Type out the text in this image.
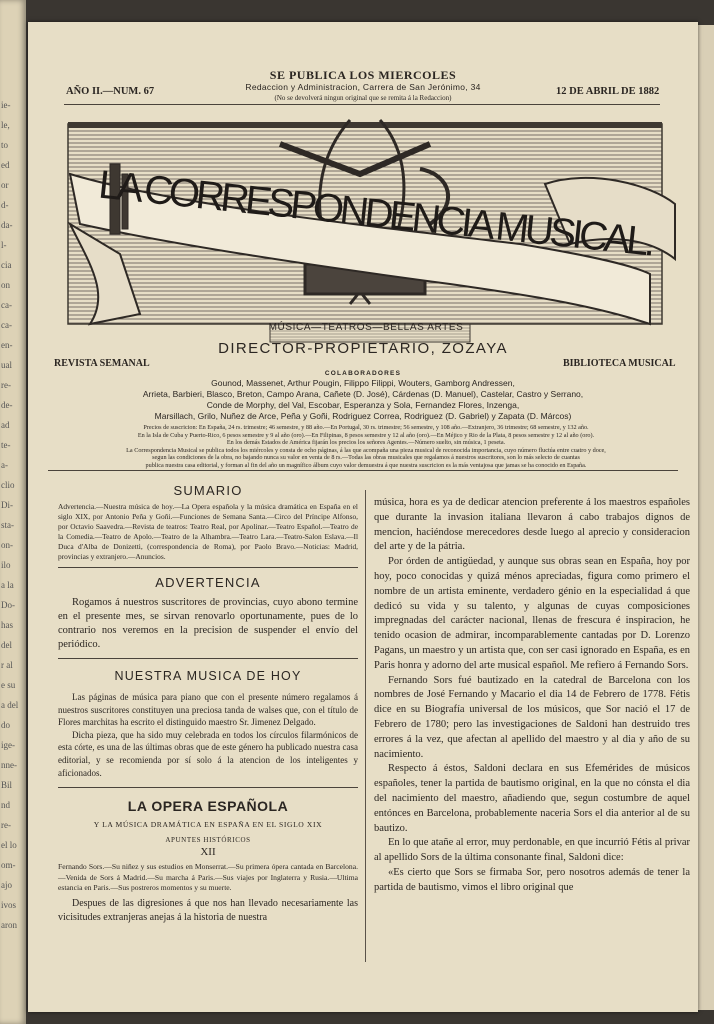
ie-
le,
to
ed
or
d-
da-
l-
cia
on
ca-
ca-
en-
ual
re-
de-
ad
te-
a-
clio
Di-
sta-
on-
ilo
a la
Do-
has
del
r al
e su
a del
do
ige-
nne-
Bil
nd
re-
el lo
om-
ajo
ivos
aron
SE PUBLICA LOS MIERCOLES
Redaccion y Administracion, Carrera de San Jerónimo, 34
(No se devolverá ningun original que se remita á la Redaccion)
AÑO II.—NUM. 67	12 DE ABRIL DE 1882
LA CORRESPONDENCIA MUSICAL.
MÚSICA—TEATROS—BELLAS ARTES
DIRECTOR-PROPIETARIO, ZOZAYA
REVISTA SEMANAL	BIBLIOTECA MUSICAL
COLABORADORES
Gounod, Massenet, Arthur Pougin, Filippo Filippi, Wouters, Gamborg Andressen,
Arrieta, Barbieri, Blasco, Breton, Campo Arana, Cañete (D. José), Cárdenas (D. Manuel), Castelar, Castro y Serrano,
Conde de Morphy, del Val, Escobar, Esperanza y Sola, Fernandez Flores, Inzenga,
Marsillach, Grilo, Nuñez de Arce, Peña y Goñi, Rodriguez Correa, Rodriguez (D. Gabriel) y Zapata (D. Márcos)
Precios de suscricion: En España, 24 rs. trimestre; 46 semestre, y 88 año.—En Portugal, 30 rs. trimestre; 56 semestre, y 108 año.—Extranjero, 36 trimestre; 68 semestre, y 132 año.
En la Isla de Cuba y Puerto-Rico, 6 pesos semestre y 9 al año (oro).—En Filipinas, 8 pesos semestre y 12 al año (oro).—En Méjico y Rio de la Plata, 8 pesos semestre y 12 al año (oro).
En los demás Estados de América fijarán los precios los señores Agentes.—Número suelto, sin música, 1 peseta.
La Correspondencia Musical se publica todos los miércoles y consta de ocho páginas, á las que acompaña una pieza musical de reconocida importancia, cuyo número fluctúa entre cuatro y doce,
segun las condiciones de la obra, no bajando nunca su valor en venta de 8 rs.—Todas las obras musicales que regalamos á nuestros suscritores, son lo más selecto de cuantas
publica nuestra casa editorial, y forman al fin del año un magnífico álbum cuyo valor demuestra á que nuestra suscricion es la más ventajosa que jamas se ha conocido en España.
SUMARIO

Advertencia.—Nuestra música de hoy.—La Opera española y la música dramática en España en el siglo XIX, por Antonio Peña y Goñi.—Funciones de Semana Santa.—Circo del Príncipe Alfonso, por Octavio Saavedra.—Revista de teatros: Teatro Real, por Apolinar.—Teatro Español.—Teatro de la Comedia.—Teatro de Apolo.—Teatro de la Alhambra.—Teatro Lara.—Teatro-Salon Eslava.—Il Duca d'Alba de Donizetti, (correspondencia de Roma), por Paolo Bravo.—Noticias: Madrid, provincias y extranjero.—Anuncios.

ADVERTENCIA

Rogamos á nuestros suscritores de provincias, cuyo abono termine en el presente mes, se sirvan renovarlo oportunamente, pues de lo contrario nos veremos en la precision de suspender el envío del periódico.

NUESTRA MUSICA DE HOY

Las páginas de música para piano que con el presente número regalamos á nuestros suscritores constituyen una preciosa tanda de walses que, con el título de Flores marchitas ha escrito el distinguido maestro Sr. Jimenez Delgado.

Dicha pieza, que ha sido muy celebrada en todos los círculos filarmónicos de esta córte, es una de las últimas obras que de este género ha publicado nuestra casa editorial, y se recomienda por sí solo á la atencion de los inteligentes y aficionados.

LA OPERA ESPAÑOLA
Y LA MÚSICA DRAMÁTICA EN ESPAÑA EN EL SIGLO XIX
APUNTES HISTÓRICOS
XII

Fernando Sors.—Su niñez y sus estudios en Monserrat.—Su primera ópera cantada en Barcelona.—Venida de Sors á Madrid.—Su marcha á Paris.—Sus viajes por Inglaterra y Rusia.—Ultima estancia en Paris.—Sus postreros momentos y su muerte.

Despues de las digresiones á que nos han llevado necesariamente las vicisitudes extranjeras anejas á la historia de nuestra

música, hora es ya de dedicar atencion preferente á los maestros españoles que durante la invasion italiana llevaron á cabo trabajos dignos de mencion, haciéndose merecedores desde luego al aprecio y consideracion del arte y de la pátria.

Por órden de antigüedad, y aunque sus obras sean en España, hoy por hoy, poco conocidas y quizá ménos apreciadas, figura como primero el nombre de un artista eminente, verdadero génio en la especialidad á que dedicó su vida y su talento, y algunas de cuyas composiciones impregnadas del carácter nacional, llenas de frescura é inspiracion, he tenido ocasion de admirar, incomparablemente cantadas por D. Lorenzo Pagans, un maestro y un artista que, con ser casi ignorado en España, es en Paris honra y adorno del arte musical español. Me refiero á Fernando Sors.

Fernando Sors fué bautizado en la catedral de Barcelona con los nombres de José Fernando y Macario el dia 14 de Febrero de 1778. Fétis dice en su Biografía universal de los músicos, que Sor nació el 17 de Febrero de 1780; pero las investigaciones de Saldoni han destruido tres errores á la vez, que afectan al apellido del maestro y al dia y año de su nacimiento.

Respecto á éstos, Saldoni declara en sus Efemérides de músicos españoles, tener la partida de bautismo original, en la que no cónsta el dia del nacimiento del maestro, añadiendo que, segun costumbre de aquel entónces en Barcelona, probablemente naceria Sors el dia anterior al de su bautizo.

En lo que atañe al error, muy perdonable, en que incurrió Fétis al privar al apellido Sors de la última consonante final, Saldoni dice:

«Es cierto que Sors se firmaba Sor, pero nosotros además de tener la partida de bautismo, vimos el libro original que
